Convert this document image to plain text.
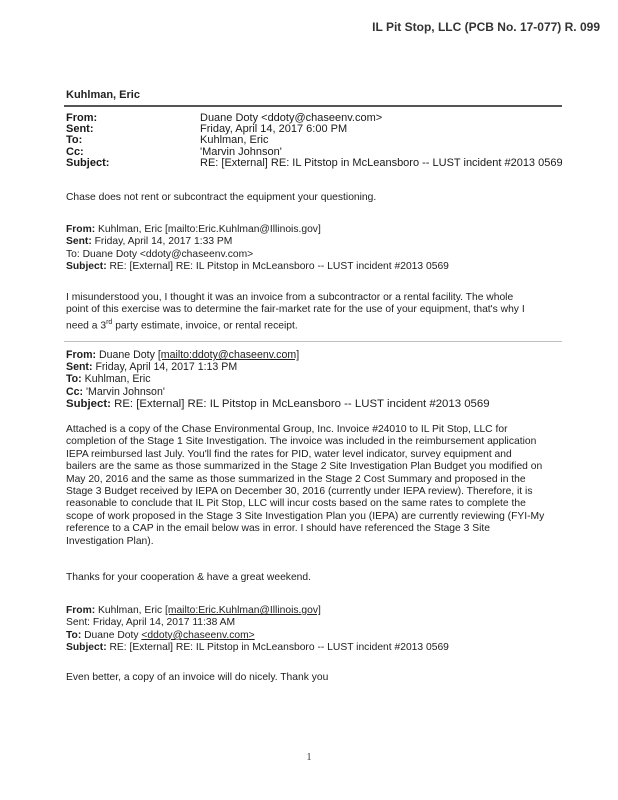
IL Pit Stop, LLC (PCB No. 17-077) R. 099
Kuhlman, Eric
From:	Duane Doty <ddoty@chaseenv.com>
Sent:	Friday, April 14, 2017 6:00 PM
To:	Kuhlman, Eric
Cc:	'Marvin Johnson'
Subject:	RE: [External] RE: IL Pitstop in McLeansboro -- LUST incident #2013 0569

Chase does not rent or subcontract the equipment your questioning.

From: Kuhlman, Eric [mailto:Eric.Kuhlman@Illinois.gov]
Sent: Friday, April 14, 2017 1:33 PM
To: Duane Doty <ddoty@chaseenv.com>
Subject: RE: [External] RE: IL Pitstop in McLeansboro -- LUST incident #2013 0569
I misunderstood you, I thought it was an invoice from a subcontractor or a rental facility. The whole
point of this exercise was to determine the fair-market rate for the use of your equipment, that's why I
need a 3rd party estimate, invoice, or rental receipt.
From: Duane Doty [mailto:ddoty@chaseenv.com]
Sent: Friday, April 14, 2017 1:13 PM
To: Kuhlman, Eric
Cc: 'Marvin Johnson'
Subject: RE: [External] RE: IL Pitstop in McLeansboro -- LUST incident #2013 0569
Attached is a copy of the Chase Environmental Group, Inc. Invoice #24010 to IL Pit Stop, LLC for
completion of the Stage 1 Site Investigation. The invoice was included in the reimbursement application
IEPA reimbursed last July. You'll find the rates for PID, water level indicator, survey equipment and
bailers are the same as those summarized in the Stage 2 Site Investigation Plan Budget you modified on
May 20, 2016 and the same as those summarized in the Stage 2 Cost Summary and proposed in the
Stage 3 Budget received by IEPA on December 30, 2016 (currently under IEPA review). Therefore, it is
reasonable to conclude that IL Pit Stop, LLC will incur costs based on the same rates to complete the
scope of work proposed in the Stage 3 Site Investigation Plan you (IEPA) are currently reviewing (FYI-My
reference to a CAP in the email below was in error. I should have referenced the Stage 3 Site
Investigation Plan).

Thanks for your cooperation & have a great weekend.

From: Kuhlman, Eric [mailto:Eric.Kuhlman@Illinois.gov]
Sent: Friday, April 14, 2017 11:38 AM
To: Duane Doty <ddoty@chaseenv.com>
Subject: RE: [External] RE: IL Pitstop in McLeansboro -- LUST incident #2013 0569

Even better, a copy of an invoice will do nicely. Thank you

1
